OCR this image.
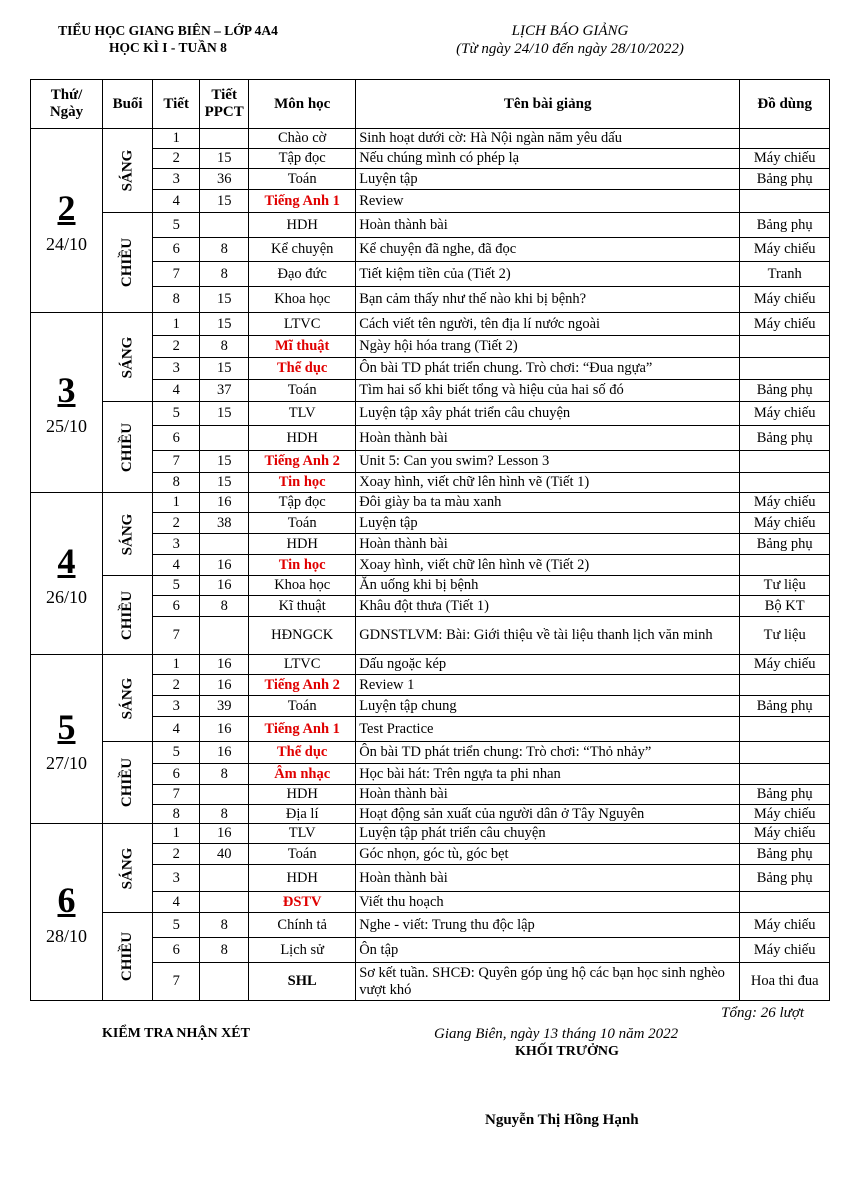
TIỂU HỌC GIANG BIÊN – LỚP 4A4
HỌC KÌ I - TUẦN 8
LỊCH BÁO GIẢNG
(Từ ngày 24/10 đến ngày 28/10/2022)
Thứ/ Ngày	Buổi	Tiết	Tiết PPCT	Môn học	Tên bài giảng	Đồ dùng

2
24/10	SÁNG	1		Chào cờ	Sinh hoạt dưới cờ: Hà Nội ngàn năm yêu dấu	
		2	15	Tập đọc	Nếu chúng mình có phép lạ	Máy chiếu
		3	36	Toán	Luyện tập	Bảng phụ
		4	15	Tiếng Anh 1	Review	
	CHIỀU	5		HDH	Hoàn thành bài	Bảng phụ
		6	8	Kể chuyện	Kể chuyện đã nghe, đã đọc	Máy chiếu
		7	8	Đạo đức	Tiết kiệm tiền của (Tiết 2)	Tranh
		8	15	Khoa học	Bạn cảm thấy như thế nào khi bị bệnh?	Máy chiếu

3
25/10	SÁNG	1	15	LTVC	Cách viết tên người, tên địa lí nước ngoài	Máy chiếu
		2	8	Mĩ thuật	Ngày hội hóa trang (Tiết 2)	
		3	15	Thể dục	Ôn bài TD phát triển chung. Trò chơi: “Đua ngựa”	
		4	37	Toán	Tìm hai số khi biết tổng và hiệu của hai số đó	Bảng phụ
	CHIỀU	5	15	TLV	Luyện tập xây phát triển câu chuyện	Máy chiếu
		6		HDH	Hoàn thành bài	Bảng phụ
		7	15	Tiếng Anh 2	Unit 5: Can you swim? Lesson 3	
		8	15	Tin học	Xoay hình, viết chữ lên hình vẽ (Tiết 1)	

4
26/10	SÁNG	1	16	Tập đọc	Đôi giày ba ta màu xanh	Máy chiếu
		2	38	Toán	Luyện tập	Máy chiếu
		3		HDH	Hoàn thành bài	Bảng phụ
		4	16	Tin học	Xoay hình, viết chữ lên hình vẽ (Tiết 2)	
	CHIỀU	5	16	Khoa học	Ăn uống khi bị bệnh	Tư liệu
		6	8	Kĩ thuật	Khâu đột thưa (Tiết 1)	Bộ KT
		7		HĐNGCK	GDNSTLVM: Bài: Giới thiệu về tài liệu thanh lịch văn minh	Tư liệu

5
27/10	SÁNG	1	16	LTVC	Dấu ngoặc kép	Máy chiếu
		2	16	Tiếng Anh 2	Review 1	
		3	39	Toán	Luyện tập chung	Bảng phụ
		4	16	Tiếng Anh 1	Test Practice	
	CHIỀU	5	16	Thể dục	Ôn bài TD phát triển chung: Trò chơi: “Thỏ nhảy”	
		6	8	Âm nhạc	Học bài hát: Trên ngựa ta phi nhan	
		7		HDH	Hoàn thành bài	Bảng phụ
		8	8	Địa lí	Hoạt động sản xuất của người dân ở Tây Nguyên	Máy chiếu

6
28/10	SÁNG	1	16	TLV	Luyện tập phát triển câu chuyện	Máy chiếu
		2	40	Toán	Góc nhọn, góc tù, góc bẹt	Bảng phụ
		3		HDH	Hoàn thành bài	Bảng phụ
		4		ĐSTV	Viết thu hoạch	
	CHIỀU	5	8	Chính tả	Nghe - viết: Trung thu độc lập	Máy chiếu
		6	8	Lịch sử	Ôn tập	Máy chiếu
		7		SHL	Sơ kết tuần. SHCĐ: Quyên góp ủng hộ các bạn học sinh nghèo vượt khó	Hoa thi đua
Tổng: 26 lượt
KIỂM TRA NHẬN XÉT	Giang Biên, ngày 13 tháng 10 năm 2022
KHỐI TRƯỞNG
Nguyễn Thị Hồng Hạnh
